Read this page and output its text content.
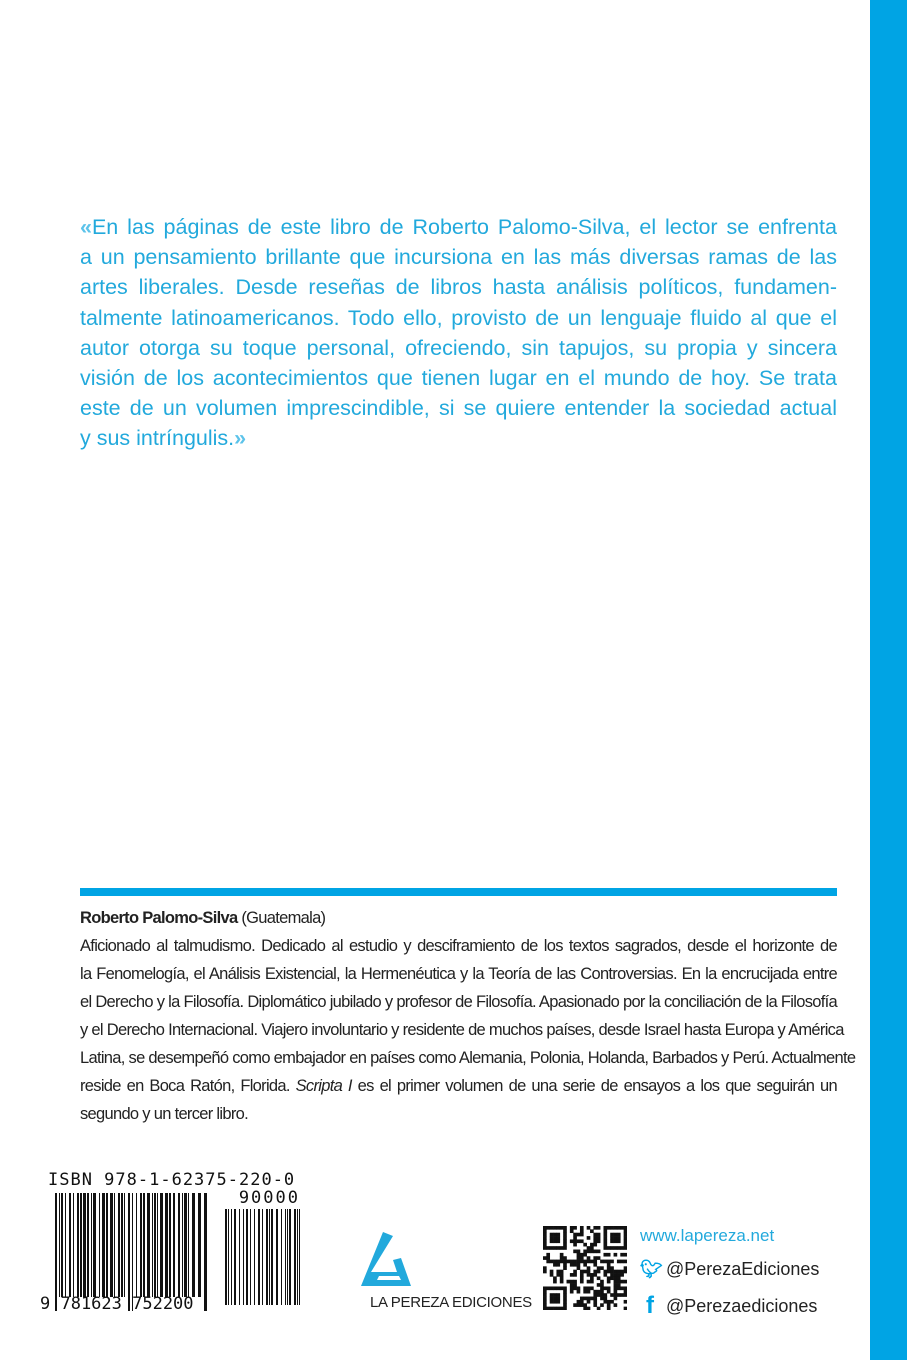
«En las páginas de este libro de Roberto Palomo-Silva, el lector se enfrenta
a un pensamiento brillante que incursiona en las más diversas ramas de las
artes liberales. Desde reseñas de libros hasta análisis políticos, fundamen-
talmente latinoamericanos. Todo ello, provisto de un lenguaje fluido al que el
autor otorga su toque personal, ofreciendo, sin tapujos, su propia y sincera
visión de los acontecimientos que tienen lugar en el mundo de hoy. Se trata
este de un volumen imprescindible, si se quiere entender la sociedad actual
y sus intríngulis.»
Roberto Palomo-Silva (Guatemala)
Aficionado al talmudismo. Dedicado al estudio y desciframiento de los textos sagrados, desde el horizonte de
la Fenomelogía, el Análisis Existencial, la Hermenéutica y la Teoría de las Controversias. En la encrucijada entre
el Derecho y la Filosofía. Diplomático jubilado y profesor de Filosofía. Apasionado por la conciliación de la Filosofía
y el Derecho Internacional. Viajero involuntario y residente de muchos países, desde Israel hasta Europa y América
Latina, se desempeñó como embajador en países como Alemania, Polonia, Holanda, Barbados y Perú. Actualmente
reside en Boca Ratón, Florida. Scripta I es el primer volumen de una serie de ensayos a los que seguirán un
segundo y un tercer libro.
ISBN 978-1-62375-220-0
90000
9 781623 752200	LA PEREZA EDICIONES
www.lapereza.net
🐦︎ @PerezaEdiciones
f @Perezaediciones
